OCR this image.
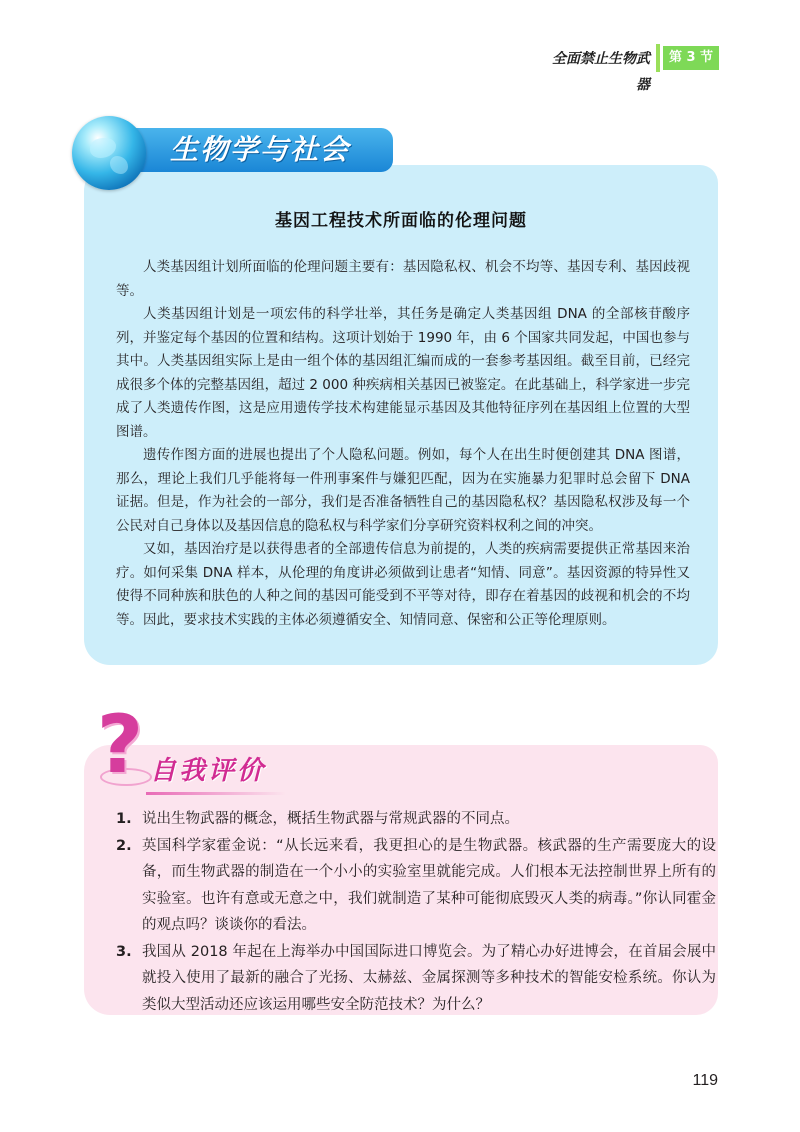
全面禁止生物武器
第 3 节
生物学与社会
基因工程技术所面临的伦理问题

人类基因组计划所面临的伦理问题主要有：基因隐私权、机会不均等、基因专利、基因歧视等。

人类基因组计划是一项宏伟的科学壮举，其任务是确定人类基因组 DNA 的全部核苷酸序列，并鉴定每个基因的位置和结构。这项计划始于 1990 年，由 6 个国家共同发起，中国也参与其中。人类基因组实际上是由一组个体的基因组汇编而成的一套参考基因组。截至目前，已经完成很多个体的完整基因组，超过 2 000 种疾病相关基因已被鉴定。在此基础上，科学家进一步完成了人类遗传作图，这是应用遗传学技术构建能显示基因及其他特征序列在基因组上位置的大型图谱。

遗传作图方面的进展也提出了个人隐私问题。例如，每个人在出生时便创建其 DNA 图谱，那么，理论上我们几乎能将每一件刑事案件与嫌犯匹配，因为在实施暴力犯罪时总会留下 DNA 证据。但是，作为社会的一部分，我们是否准备牺牲自己的基因隐私权？基因隐私权涉及每一个公民对自己身体以及基因信息的隐私权与科学家们分享研究资料权利之间的冲突。

又如，基因治疗是以获得患者的全部遗传信息为前提的，人类的疾病需要提供正常基因来治疗。如何采集 DNA 样本，从伦理的角度讲必须做到让患者“知情、同意”。基因资源的特异性又使得不同种族和肤色的人种之间的基因可能受到不平等对待，即存在着基因的歧视和机会的不均等。因此，要求技术实践的主体必须遵循安全、知情同意、保密和公正等伦理原则。

? 自我评价
1. 说出生物武器的概念，概括生物武器与常规武器的不同点。
2. 英国科学家霍金说：“从长远来看，我更担心的是生物武器。核武器的生产需要庞大的设备，而生物武器的制造在一个小小的实验室里就能完成。人们根本无法控制世界上所有的实验室。也许有意或无意之中，我们就制造了某种可能彻底毁灭人类的病毒。”你认同霍金的观点吗？谈谈你的看法。
3. 我国从 2018 年起在上海举办中国国际进口博览会。为了精心办好进博会，在首届会展中就投入使用了最新的融合了光扬、太赫兹、金属探测等多种技术的智能安检系统。你认为类似大型活动还应该运用哪些安全防范技术？为什么？
119
